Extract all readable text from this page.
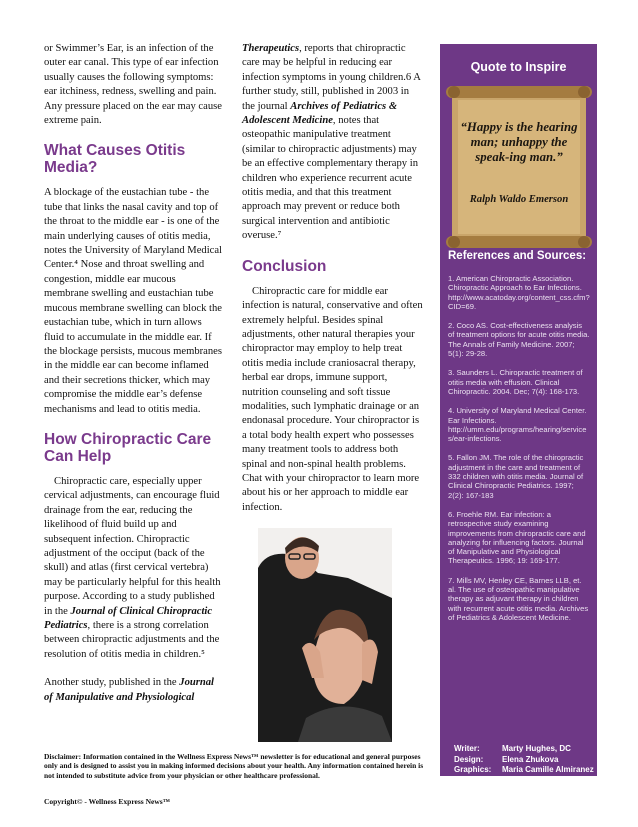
or Swimmer’s Ear, is an infection of the outer ear canal. This type of ear infection usually causes the following symptoms: ear itchiness, redness, swelling and pain. Any pressure placed on the ear may cause extreme pain.

What Causes Otitis Media?

A blockage of the eustachian tube - the tube that links the nasal cavity and top of the throat to the middle ear - is one of the main underlying causes of otitis media, notes the University of Maryland Medical Center.⁴ Nose and throat swelling and congestion, middle ear mucous membrane swelling and eustachian tube mucous membrane swelling can block the eustachian tube, which in turn allows fluid to accumulate in the middle ear. If the blockage persists, mucous membranes in the middle ear can become inflamed and their secretions thicker, which may compromise the middle ear’s defense mechanisms and lead to otitis media.

How Chiropractic Care Can Help

Chiropractic care, especially upper cervical adjustments, can encourage fluid drainage from the ear, reducing the likelihood of fluid build up and subsequent infection. Chiropractic adjustment of the occiput (back of the skull) and atlas (first cervical vertebra) may be particularly helpful for this health purpose. According to a study published in the Journal of Clinical Chiropractic Pediatrics, there is a strong correlation between chiropractic adjustments and the resolution of otitis media in children.⁵

Another study, published in the Journal of Manipulative and Physiological

Therapeutics, reports that chiropractic care may be helpful in reducing ear infection symptoms in young children.6 A further study, still, published in 2003 in the journal Archives of Pediatrics & Adolescent Medicine, notes that osteopathic manipulative treatment (similar to chiropractic adjustments) may be an effective complementary therapy in children who experience recurrent acute otitis media, and that this treatment approach may prevent or reduce both surgical intervention and antibiotic overuse.⁷

Conclusion

Chiropractic care for middle ear infection is natural, conservative and often extremely helpful. Besides spinal adjustments, other natural therapies your chiropractor may employ to help treat otitis media include craniosacral therapy, herbal ear drops, immune support, nutrition counseling and soft tissue modalities, such lymphatic drainage or an endonasal procedure. Your chiropractor is a total body health expert who possesses many treatment tools to address both spinal and non-spinal health problems. Chat with your chiropractor to learn more about his or her approach to middle ear infection.

Quote to Inspire
“Happy is the hearing man; unhappy the speak-ing man.”
Ralph Waldo Emerson
References and Sources:
1. American Chiropractic Association. Chiropractic Approach to Ear Infections. http://www.acatoday.org/content_css.cfm?CID=69.
2. Coco AS. Cost-effectiveness analysis of treatment options for acute otitis media. The Annals of Family Medicine. 2007; 5(1): 29-28.
3. Saunders L. Chiropractic treatment of otitis media with effusion. Clinical Chiropractic. 2004. Dec; 7(4): 168-173.
4. University of Maryland Medical Center. Ear Infections. http://umm.edu/programs/hearing/services/ear-infections.
5. Fallon JM. The role of the chiropractic adjustment in the care and treatment of 332 children with otitis media. Journal of Clinical Chiropractic Pediatrics. 1997; 2(2): 167-183
6. Froehle RM. Ear infection: a retrospective study examining improvements from chiropractic care and analyzing for influencing factors. Journal of Manipulative and Physiological Therapeutics. 1996; 19: 169-177.
7. Mills MV, Henley CE, Barnes LLB, et. al. The use of osteopathic manipulative therapy as adjuvant therapy in children with recurrent acute otitis media. Archives of Pediatrics & Adolescent Medicine.
Writer:	Marty Hughes, DC
Design:	Elena Zhukova
Graphics:	Maria Camille Almiranez
Production: Mike Talarico
Disclaimer: Information contained in the Wellness Express News™ newsletter is for educational and general purposes only and is designed to assist you in making informed decisions about your health. Any information contained herein is not intended to substitute advice from your physician or other healthcare professional.
Copyright© - Wellness Express News™
